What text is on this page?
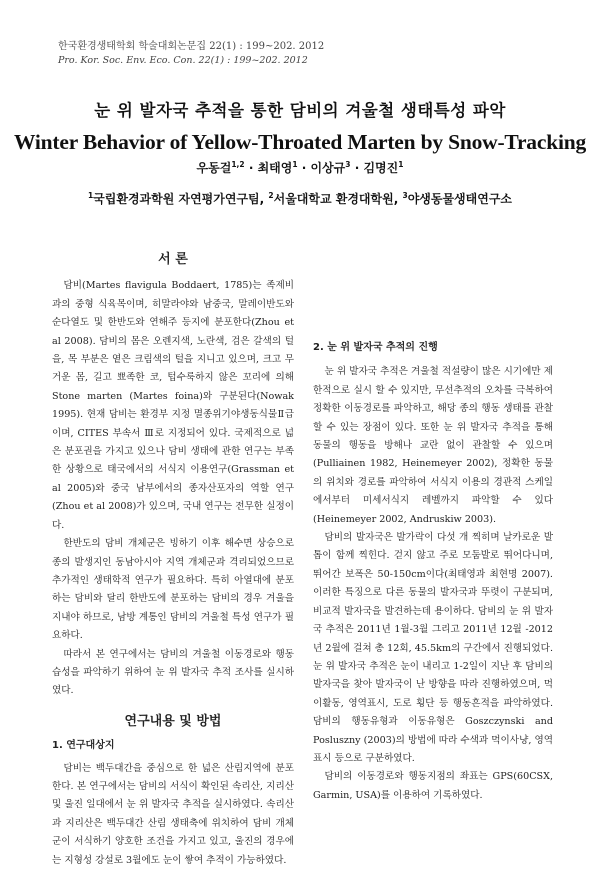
한국환경생태학회 학술대회논문집 22(1) : 199~202. 2012
Pro. Kor. Soc. Env. Eco. Con. 22(1) : 199~202. 2012
눈 위 발자국 추적을 통한 담비의 겨울철 생태특성 파악
Winter Behavior of Yellow-Throated Marten by Snow-Tracking
우동걸$^{1,2}$ · 최태영$^1$ · 이상규$^3$ · 김명진$^1$
$^1$국립환경과학원 자연평가연구팀, $^2$서울대학교 환경대학원, $^3$야생동물생태연구소
서 론

담비(Martes flavigula Boddaert, 1785)는 족제비과의 중형 식육목이며, 히말라야와 남중국, 말레이반도와 순다열도 및 한반도와 연해주 등지에 분포한다(Zhou et al 2008). 담비의 몸은 오렌지색, 노란색, 검은 갈색의 털을, 목 부분은 옅은 크림색의 털을 지니고 있으며, 크고 무거운 몸, 길고 뾰족한 코, 텁수룩하지 않은 꼬리에 의해 Stone marten (Martes foina)와 구분된다(Nowak 1995). 현재 담비는 환경부 지정 멸종위기야생동식물Ⅱ급이며, CITES 부속서 Ⅲ로 지정되어 있다. 국제적으로 넓은 분포권을 가지고 있으나 담비 생태에 관한 연구는 부족한 상황으로 태국에서의 서식지 이용연구(Grassman et al 2005)와 중국 남부에서의 종자산포자의 역할 연구(Zhou et al 2008)가 있으며, 국내 연구는 전무한 실정이다.

한반도의 담비 개체군은 빙하기 이후 해수면 상승으로 종의 발생지인 동남아시아 지역 개체군과 격리되었으므로 추가적인 생태학적 연구가 필요하다. 특히 아열대에 분포하는 담비와 달리 한반도에 분포하는 담비의 경우 겨울을 지내야 하므로, 남방 계통인 담비의 겨울철 특성 연구가 필요하다.

따라서 본 연구에서는 담비의 겨울철 이동경로와 행동습성을 파악하기 위하여 눈 위 발자국 추적 조사를 실시하였다.

연구내용 및 방법
1. 연구대상지

담비는 백두대간을 중심으로 한 넓은 산림지역에 분포한다. 본 연구에서는 담비의 서식이 확인된 속리산, 지리산 및 울진 일대에서 눈 위 발자국 추적을 실시하였다. 속리산과 지리산은 백두대간 산림 생태축에 위치하여 담비 개체군이 서식하기 양호한 조건을 가지고 있고, 울진의 경우에는 지형성 강설로 3월에도 눈이 쌓여 추적이 가능하였다.

2. 눈 위 발자국 추적의 진행

눈 위 발자국 추적은 겨울철 적설량이 많은 시기에만 제한적으로 실시 할 수 있지만, 무선추적의 오차를 극복하여 정확한 이동경로를 파악하고, 해당 종의 행동 생태를 관찰 할 수 있는 장점이 있다. 또한 눈 위 발자국 추적을 통해 동물의 행동을 방해나 교란 없이 관찰할 수 있으며(Pulliainen 1982, Heinemeyer 2002), 정확한 동물의 위치와 경로를 파악하여 서식지 이용의 경관적 스케일에서부터 미세서식지 레벨까지 파악할 수 있다(Heinemeyer 2002, Andruskiw 2003).

담비의 발자국은 발가락이 다섯 개 찍히며 날카로운 발톱이 함께 찍힌다. 걷지 않고 주로 모둠발로 뛰어다니며, 뛰어간 보폭은 50-150cm이다(최태영과 최현명 2007). 이러한 특징으로 다른 동물의 발자국과 뚜렷이 구분되며, 비교적 발자국을 발견하는데 용이하다. 담비의 눈 위 발자국 추적은 2011년 1월-3월 그리고 2011년 12월 -2012년 2월에 걸쳐 총 12회, 45.5km의 구간에서 진행되었다. 눈 위 발자국 추적은 눈이 내리고 1-2일이 지난 후 담비의 발자국을 찾아 발자국이 난 방향을 따라 진행하였으며, 먹이활동, 영역표시, 도로 횡단 등 행동흔적을 파악하였다. 담비의 행동유형과 이동유형은 Goszczynski and Posluszny (2003)의 방법에 따라 수색과 먹이사냥, 영역표시 등으로 구분하였다.

담비의 이동경로와 행동지점의 좌표는 GPS(60CSX, Garmin, USA)를 이용하여 기록하였다.
